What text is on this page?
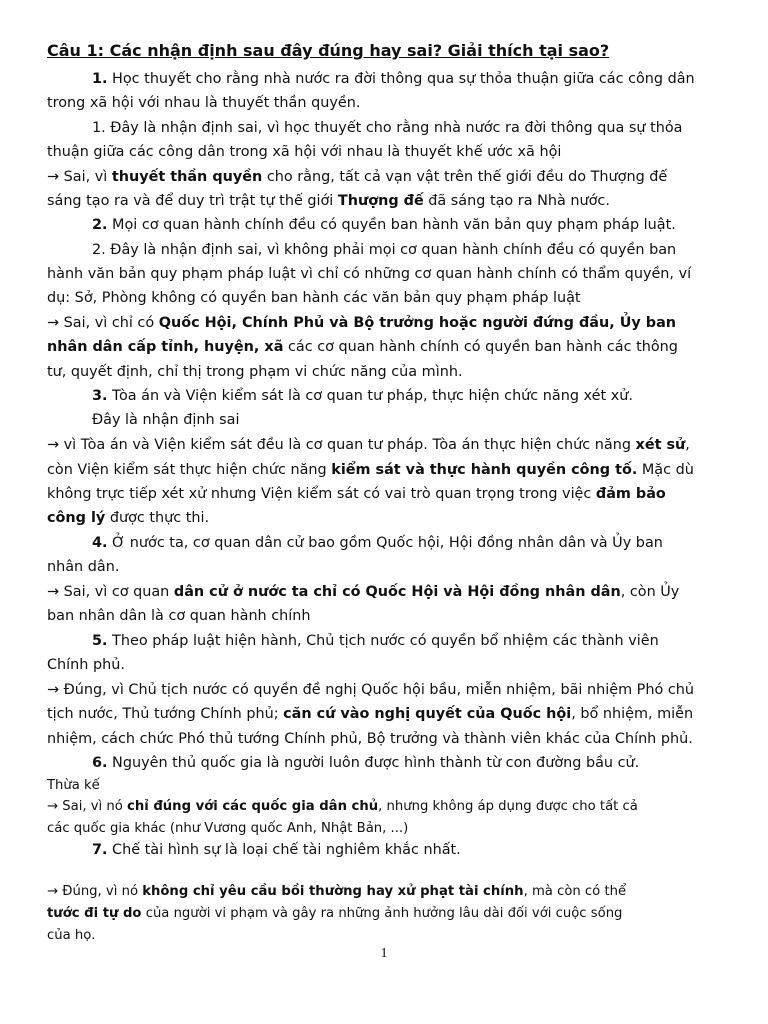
Câu 1: Các nhận định sau đây đúng hay sai? Giải thích tại sao?
1. Học thuyết cho rằng nhà nước ra đời thông qua sự thỏa thuận giữa các công dân
trong xã hội với nhau là thuyết thần quyền.
1. Đây là nhận định sai, vì học thuyết cho rằng nhà nước ra đời thông qua sự thỏa
thuận giữa các công dân trong xã hội với nhau là thuyết khế ước xã hội
→ Sai, vì thuyết thần quyền cho rằng, tất cả vạn vật trên thế giới đều do Thượng đế
sáng tạo ra và để duy trì trật tự thế giới Thượng đế đã sáng tạo ra Nhà nước.
2. Mọi cơ quan hành chính đều có quyền ban hành văn bản quy phạm pháp luật.
2. Đây là nhận định sai, vì không phải mọi cơ quan hành chính đều có quyền ban
hành văn bản quy phạm pháp luật vì chỉ có những cơ quan hành chính có thẩm quyền, ví
dụ: Sở, Phòng không có quyền ban hành các văn bản quy phạm pháp luật
→ Sai, vì chỉ có Quốc Hội, Chính Phủ và Bộ trưởng hoặc người đứng đầu, Ủy ban
nhân dân cấp tỉnh, huyện, xã các cơ quan hành chính có quyền ban hành các thông
tư, quyết định, chỉ thị trong phạm vi chức năng của mình.
3. Tòa án và Viện kiểm sát là cơ quan tư pháp, thực hiện chức năng xét xử.
Đây là nhận định sai
→ vì Tòa án và Viện kiểm sát đều là cơ quan tư pháp. Tòa án thực hiện chức năng xét sử,
còn Viện kiểm sát thực hiện chức năng kiểm sát và thực hành quyền công tố. Mặc dù
không trực tiếp xét xử nhưng Viện kiểm sát có vai trò quan trọng trong việc đảm bảo
công lý được thực thi.
4. Ở nước ta, cơ quan dân cử bao gồm Quốc hội, Hội đồng nhân dân và Ủy ban
nhân dân.
→ Sai, vì cơ quan dân cử ở nước ta chỉ có Quốc Hội và Hội đồng nhân dân, còn Ủy
ban nhân dân là cơ quan hành chính
5. Theo pháp luật hiện hành, Chủ tịch nước có quyền bổ nhiệm các thành viên
Chính phủ.
→ Đúng, vì Chủ tịch nước có quyền đề nghị Quốc hội bầu, miễn nhiệm, bãi nhiệm Phó chủ
tịch nước, Thủ tướng Chính phủ; căn cứ vào nghị quyết của Quốc hội, bổ nhiệm, miễn
nhiệm, cách chức Phó thủ tướng Chính phủ, Bộ trưởng và thành viên khác của Chính phủ.
6. Nguyên thủ quốc gia là người luôn được hình thành từ con đường bầu cử.
Thừa kế
→ Sai, vì nó chỉ đúng với các quốc gia dân chủ, nhưng không áp dụng được cho tất cả
các quốc gia khác (như Vương quốc Anh, Nhật Bản, ...)
7. Chế tài hình sự là loại chế tài nghiêm khắc nhất.
→ Đúng, vì nó không chỉ yêu cầu bồi thường hay xử phạt tài chính, mà còn có thể
tước đi tự do của người vi phạm và gây ra những ảnh hưởng lâu dài đối với cuộc sống
của họ.
1
